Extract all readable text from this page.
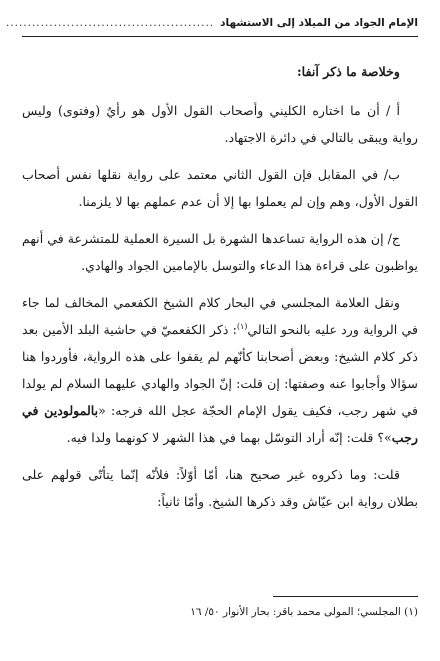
الإمام الجواد من الميلاد إلى الاستشهاد
................................................

وخلاصة ما ذكر آنفا:

أ / أن ما اختاره الكليني وأصحاب القول الأول هو رأيٌ (وفتوى) وليس رواية ويبقى بالتالي في دائرة الاجتهاد.

ب/ في المقابل فإن القول الثاني معتمد على رواية نقلها نفس أصحاب القول الأول، وهم وإن لم يعملوا بها إلا أن عدم عملهم بها لا يلزمنا.

ج/ إن هذه الرواية تساعدها الشهرة بل السيرة العملية للمتشرعة في أنهم يواظبون على قراءة هذا الدعاء والتوسل بالإمامين الجواد والهادي.

ونقل العلامة المجلسي في البحار كلام الشيخ الكفعمي المخالف لما جاء في الرواية ورد عليه بالنحو التالي$^{(١)}$: ذكر الكفعميّ في حاشية البلد الأمين بعد ذكر كلام الشيخ: وبعض أصحابنا كأنّهم لم يقفوا على هذه الرواية، فأوردوا هنا سؤالا وأجابوا عنه وصفتها: إن قلت: إنّ الجواد والهادي عليهما السلام لم يولدا في شهر رجب، فكيف يقول الإمام الحجّة عجل الله فرجه: «بالمولودين في رجب»؟ قلت: إنّه أراد التوسّل بهما في هذا الشهر لا كونهما ولدا فيه.

قلت: وما ذكروه غير صحيح هنا، أمّا أوّلاً: فلأنّه إنّما يتأتّى قولهم على بطلان رواية ابن عيّاش وقد ذكرها الشيخ. وأمّا ثانياً:

(١) المجلسي؛ المولى محمد باقر: بحار الأنوار ٥٠/ ١٦
